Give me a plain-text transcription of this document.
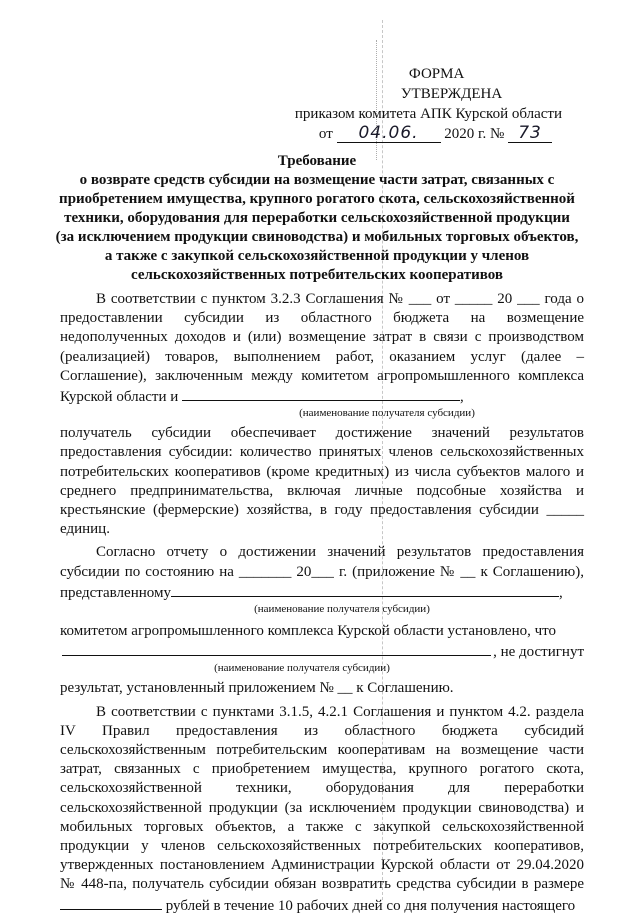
ФОРМА
УТВЕРЖДЕНА
приказом комитета АПК Курской области
от 04.06. 2020 г. № 73
Требование
о возврате средств субсидии на возмещение части затрат, связанных с
приобретением имущества, крупного рогатого скота, сельскохозяйственной
техники, оборудования для переработки сельскохозяйственной продукции
(за исключением продукции свиноводства) и мобильных торговых объектов,
а также с закупкой сельскохозяйственной продукции у членов
сельскохозяйственных потребительских кооперативов

В соответствии с пунктом 3.2.3 Соглашения № ___ от _____ 20 ___ года о предоставлении субсидии из областного бюджета на возмещение недополученных доходов и (или) возмещение затрат в связи с производством (реализацией) товаров, выполнением работ, оказанием услуг (далее – Соглашение), заключенным между комитетом агропромышленного комплекса Курской области и	,

(наименование получателя субсидии)

получатель субсидии обеспечивает достижение значений результатов предоставления субсидии: количество принятых членов сельскохозяйственных потребительских кооперативов (кроме кредитных) из числа субъектов малого и среднего предпринимательства, включая личные подсобные хозяйства и крестьянские (фермерские) хозяйства, в году предоставления субсидии _____ единиц.

Согласно отчету о достижении значений результатов предоставления субсидии по состоянию на _______ 20___ г. (приложение № __ к Соглашению), представленному	,

(наименование получателя субсидии)

комитетом агропромышленного комплекса Курской области установлено, что

, не достигнут

(наименование получателя субсидии)

результат, установленный приложением № __ к Соглашению.

В соответствии с пунктами 3.1.5, 4.2.1 Соглашения и пунктом 4.2. раздела IV Правил предоставления из областного бюджета субсидий сельскохозяйственным потребительским кооперативам на возмещение части затрат, связанных с приобретением имущества, крупного рогатого скота, сельскохозяйственной техники, оборудования для переработки сельскохозяйственной продукции (за исключением продукции свиноводства) и мобильных торговых объектов, а также с закупкой сельскохозяйственной продукции у членов сельскохозяйственных потребительских кооперативов, утвержденных постановлением Администрации Курской области от 29.04.2020 № 448-па, получатель субсидии обязан возвратить средства субсидии в размере  рублей в течение 10 рабочих дней со дня получения настоящего
